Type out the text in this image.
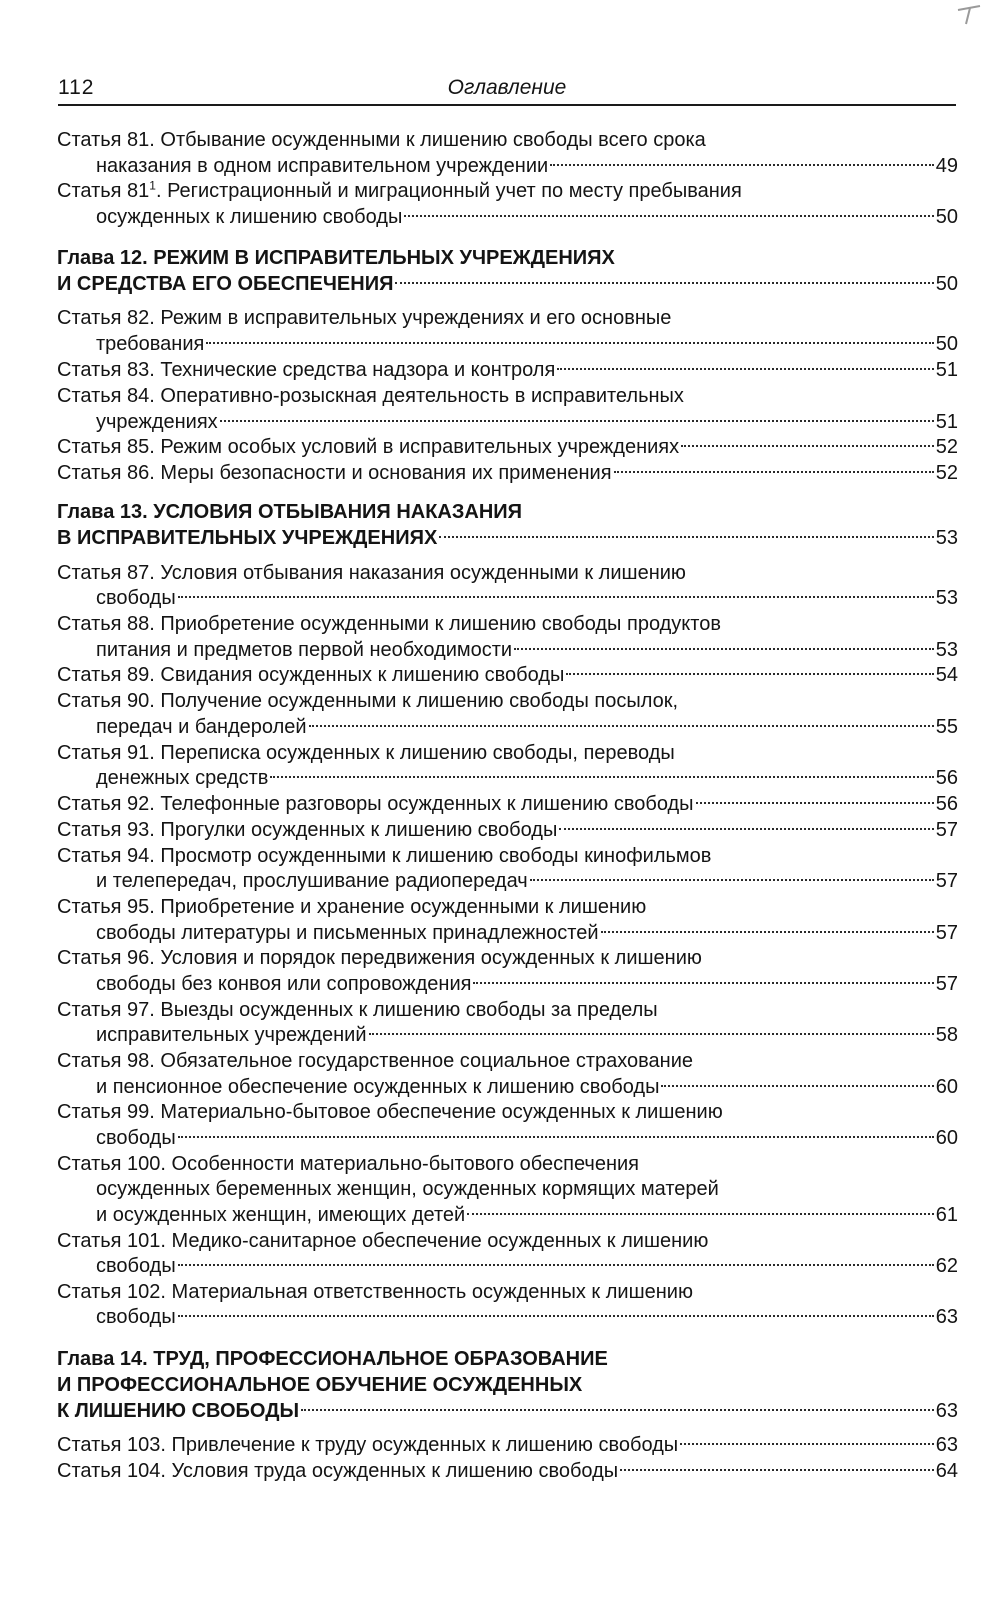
112	Оглавление
Статья 81. Отбывание осужденными к лишению свободы всего срока
наказания в одном исправительном учреждении	49
Статья $81^1$. Регистрационный и миграционный учет по месту пребывания
осужденных к лишению свободы	50
Глава 12. РЕЖИМ В ИСПРАВИТЕЛЬНЫХ УЧРЕЖДЕНИЯХ
И СРЕДСТВА ЕГО ОБЕСПЕЧЕНИЯ	50
Статья 82. Режим в исправительных учреждениях и его основные
требования	50
Статья 83. Технические средства надзора и контроля	51
Статья 84. Оперативно-розыскная деятельность в исправительных
учреждениях	51
Статья 85. Режим особых условий в исправительных учреждениях	52
Статья 86. Меры безопасности и основания их применения	52
Глава 13. УСЛОВИЯ ОТБЫВАНИЯ НАКАЗАНИЯ
В ИСПРАВИТЕЛЬНЫХ УЧРЕЖДЕНИЯХ	53
Статья 87. Условия отбывания наказания осужденными к лишению
свободы	53
Статья 88. Приобретение осужденными к лишению свободы продуктов
питания и предметов первой необходимости	53
Статья 89. Свидания осужденных к лишению свободы	54
Статья 90. Получение осужденными к лишению свободы посылок,
передач и бандеролей	55
Статья 91. Переписка осужденных к лишению свободы, переводы
денежных средств	56
Статья 92. Телефонные разговоры осужденных к лишению свободы	56
Статья 93. Прогулки осужденных к лишению свободы	57
Статья 94. Просмотр осужденными к лишению свободы кинофильмов
и телепередач, прослушивание радиопередач	57
Статья 95. Приобретение и хранение осужденными к лишению
свободы литературы и письменных принадлежностей	57
Статья 96. Условия и порядок передвижения осужденных к лишению
свободы без конвоя или сопровождения	57
Статья 97. Выезды осужденных к лишению свободы за пределы
исправительных учреждений	58
Статья 98. Обязательное государственное социальное страхование
и пенсионное обеспечение осужденных к лишению свободы	60
Статья 99. Материально-бытовое обеспечение осужденных к лишению
свободы	60
Статья 100. Особенности материально-бытового обеспечения
осужденных беременных женщин, осужденных кормящих матерей
и осужденных женщин, имеющих детей	61
Статья 101. Медико-санитарное обеспечение осужденных к лишению
свободы	62
Статья 102. Материальная ответственность осужденных к лишению
свободы	63
Глава 14. ТРУД, ПРОФЕССИОНАЛЬНОЕ ОБРАЗОВАНИЕ
И ПРОФЕССИОНАЛЬНОЕ ОБУЧЕНИЕ ОСУЖДЕННЫХ
К ЛИШЕНИЮ СВОБОДЫ	63
Статья 103. Привлечение к труду осужденных к лишению свободы	63
Статья 104. Условия труда осужденных к лишению свободы	64
